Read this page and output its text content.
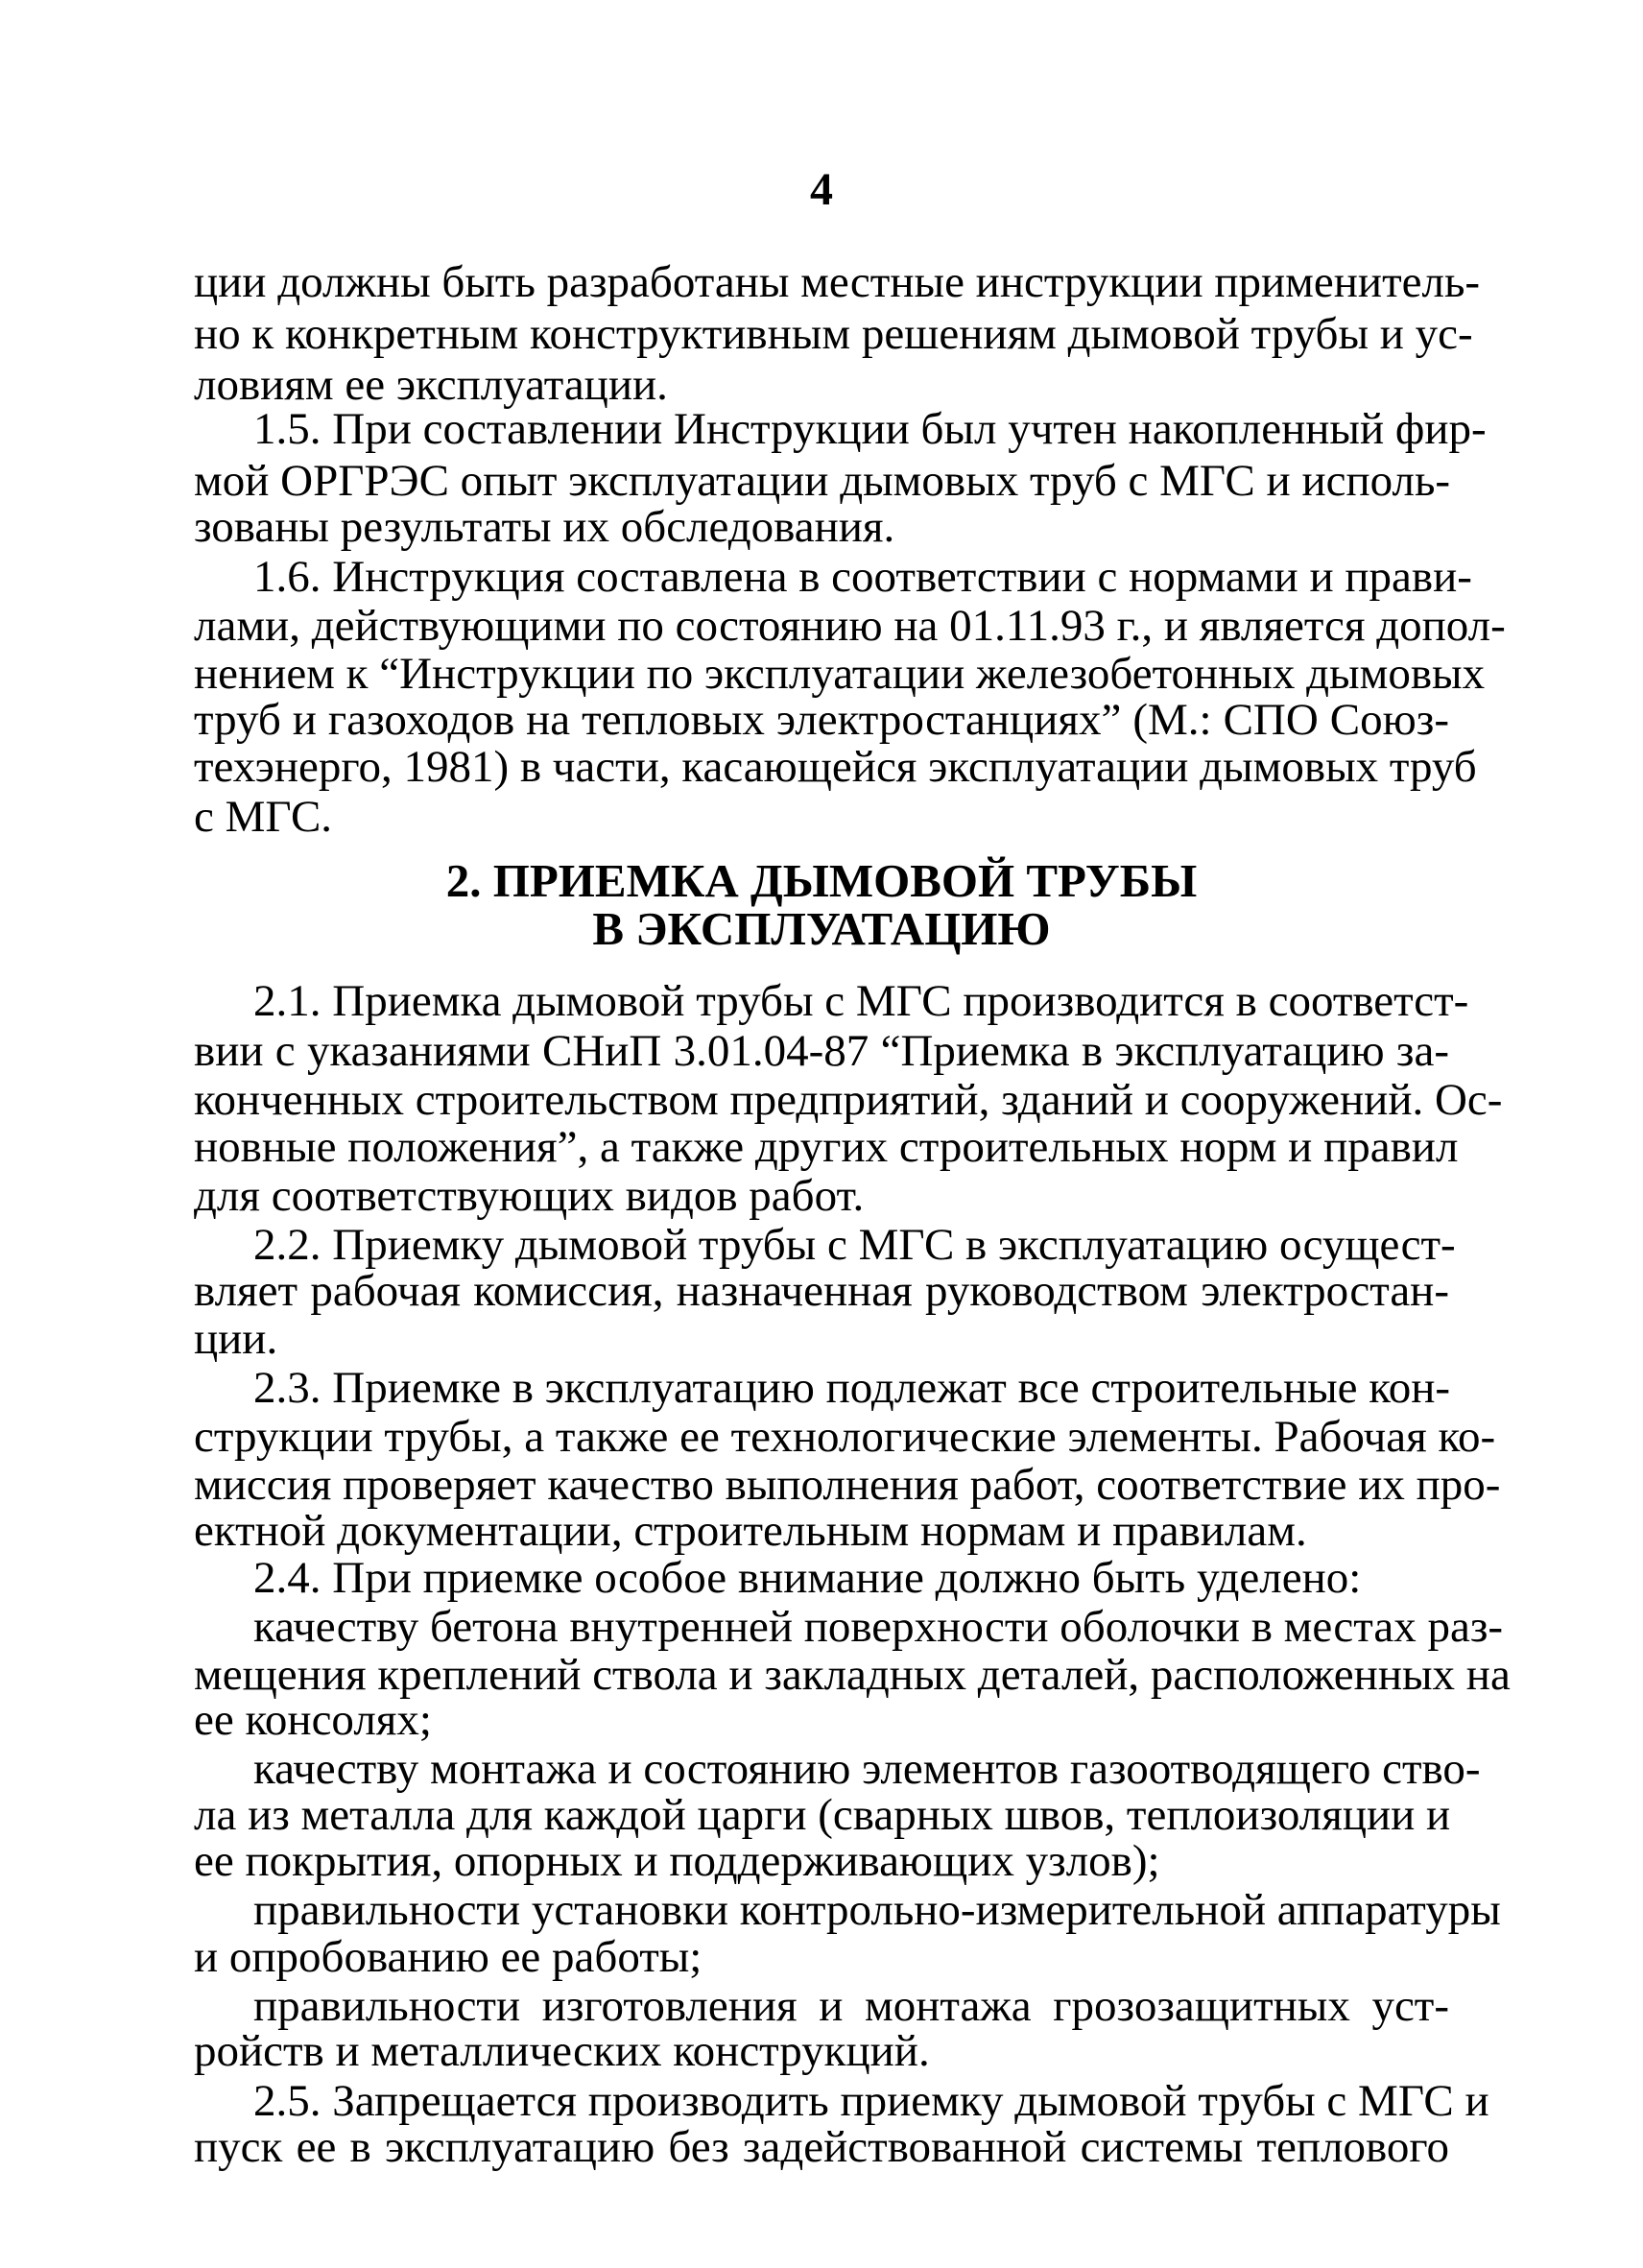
4
ции должны быть разработаны местные инструкции применитель-
но к конкретным конструктивным решениям дымовой трубы и ус-
ловиям ее эксплуатации.
1.5. При составлении Инструкции был учтен накопленный фир-
мой ОРГРЭС опыт эксплуатации дымовых труб с МГС и исполь-
зованы результаты их обследования.
1.6. Инструкция составлена в соответствии с нормами и прави-
лами, действующими по состоянию на 01.11.93 г., и является допол-
нением к “Инструкции по эксплуатации железобетонных дымовых
труб и газоходов на тепловых электростанциях” (М.: СПО Союз-
техэнерго, 1981) в части, касающейся эксплуатации дымовых труб
с МГС.
2. ПРИЕМКА ДЫМОВОЙ ТРУБЫ
В ЭКСПЛУАТАЦИЮ
2.1. Приемка дымовой трубы с МГС производится в соответст-
вии с указаниями СНиП 3.01.04-87 “Приемка в эксплуатацию за-
конченных строительством предприятий, зданий и сооружений. Ос-
новные положения”, а также других строительных норм и правил
для соответствующих видов работ.
2.2. Приемку дымовой трубы с МГС в эксплуатацию осущест-
вляет рабочая комиссия, назначенная руководством электростан-
ции.
2.3. Приемке в эксплуатацию подлежат все строительные кон-
струкции трубы, а также ее технологические элементы. Рабочая ко-
миссия проверяет качество выполнения работ, соответствие их про-
ектной документации, строительным нормам и правилам.
2.4. При приемке особое внимание должно быть уделено:
качеству бетона внутренней поверхности оболочки в местах раз-
мещения креплений ствола и закладных деталей, расположенных на
ее консолях;
качеству монтажа и состоянию элементов газоотводящего ство-
ла из металла для каждой царги (сварных швов, теплоизоляции и
ее покрытия, опорных и поддерживающих узлов);
правильности установки контрольно-измерительной аппаратуры
и опробованию ее работы;
правильности изготовления и монтажа грозозащитных уст-
ройств и металлических конструкций.
2.5. Запрещается производить приемку дымовой трубы с МГС и
пуск ее в эксплуатацию без задействованной системы теплового
